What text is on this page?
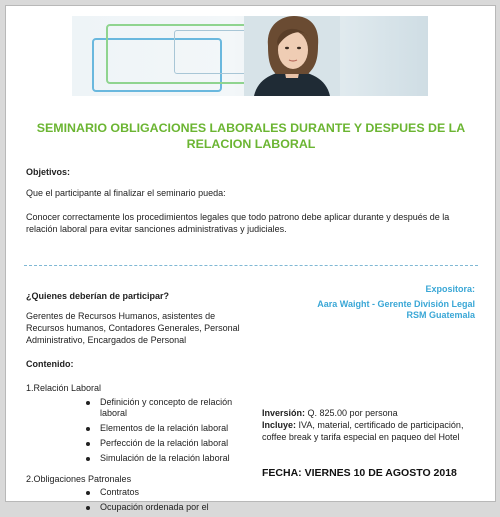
SEMINARIO OBLIGACIONES LABORALES DURANTE Y DESPUES DE LA RELACION LABORAL
Objetivos:
Que el participante al finalizar el seminario pueda:
Conocer correctamente los procedimientos legales que todo patrono debe aplicar durante y después de la relación laboral para evitar sanciones administrativas y judiciales.
¿Quienes deberían de participar?
Gerentes de Recursos Humanos, asistentes de Recursos humanos, Contadores Generales, Personal Administrativo, Encargados de Personal
Expositora:
Aara Waight - Gerente División Legal
RSM Guatemala
Contenido:
1.Relación Laboral
Definición y concepto de relación laboral
Elementos de la relación laboral
Perfección de la relación laboral
Simulación de la relación laboral
2.Obligaciones Patronales
Contratos
Ocupación ordenada por el
Inversión: Q. 825.00 por persona
Incluye: IVA, material, certificado de participación, coffee break y tarifa especial en paqueo del Hotel
FECHA: VIERNES 10 DE AGOSTO 2018
